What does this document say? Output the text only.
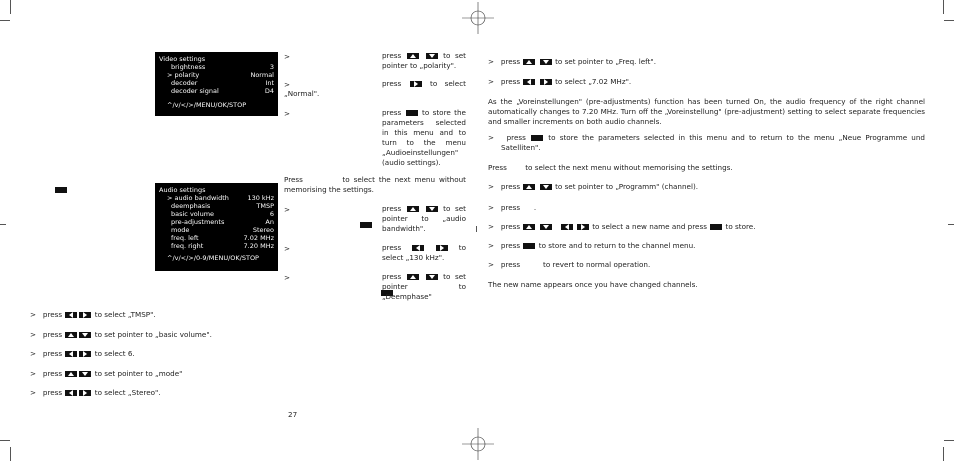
Video settings
brightness	3
> polarity	Normal
decoder	Int
decoder signal	D4
^/v/</>/MENU/OK/STOP
Audio settings
> audio bandwidth	130 kHz
deemphasis	TMSP
basic volume	6
pre-adjustments	An
mode	Stereo
freq. left	7.02 MHz
freq. right	7.20 MHz
^/v/</>/0-9/MENU/OK/STOP

> press	to select „TMSP".
> press	to set pointer to „basic volume".
> press	to select 6.
> press	to set pointer to „mode"
> press	to select „Stereo".
>	press	to set
pointer to „polarity".
>	press	to select
„Normal".
>	press	to store the
parameters selected
in this menu and to
turn to the menu
„Audioeinstellungen"
(audio settings).
Press	to select the next menu without
memorising the settings.
>
	press	to set
pointer to „audio
bandwidth".
>	press	to
select „130 kHz".
>	press	to set
pointer	to
„Deemphase"
27
> press	to set pointer to „Freq. left".
> press	to select „7.02 MHz".
As the „Voreinstellungen" (pre-adjustments) function has been turned On, the audio frequency of the right channel automatically changes to 7.20 MHz. Turn off the „Voreinstellung" (pre-adjustment) setting to select separate frequencies and smaller increments on both audio channels.
> press	to store the parameters selected in this menu and to return to the menu „Neue Programme und
Satelliten".
Press	to select the next menu without memorising the settings.
> press	to set pointer to „Programm" (channel).
> press .
> press	to select a new name and press	to store.
> press	to store and to return to the channel menu.
> press	to revert to normal operation.
The new name appears once you have changed channels.
